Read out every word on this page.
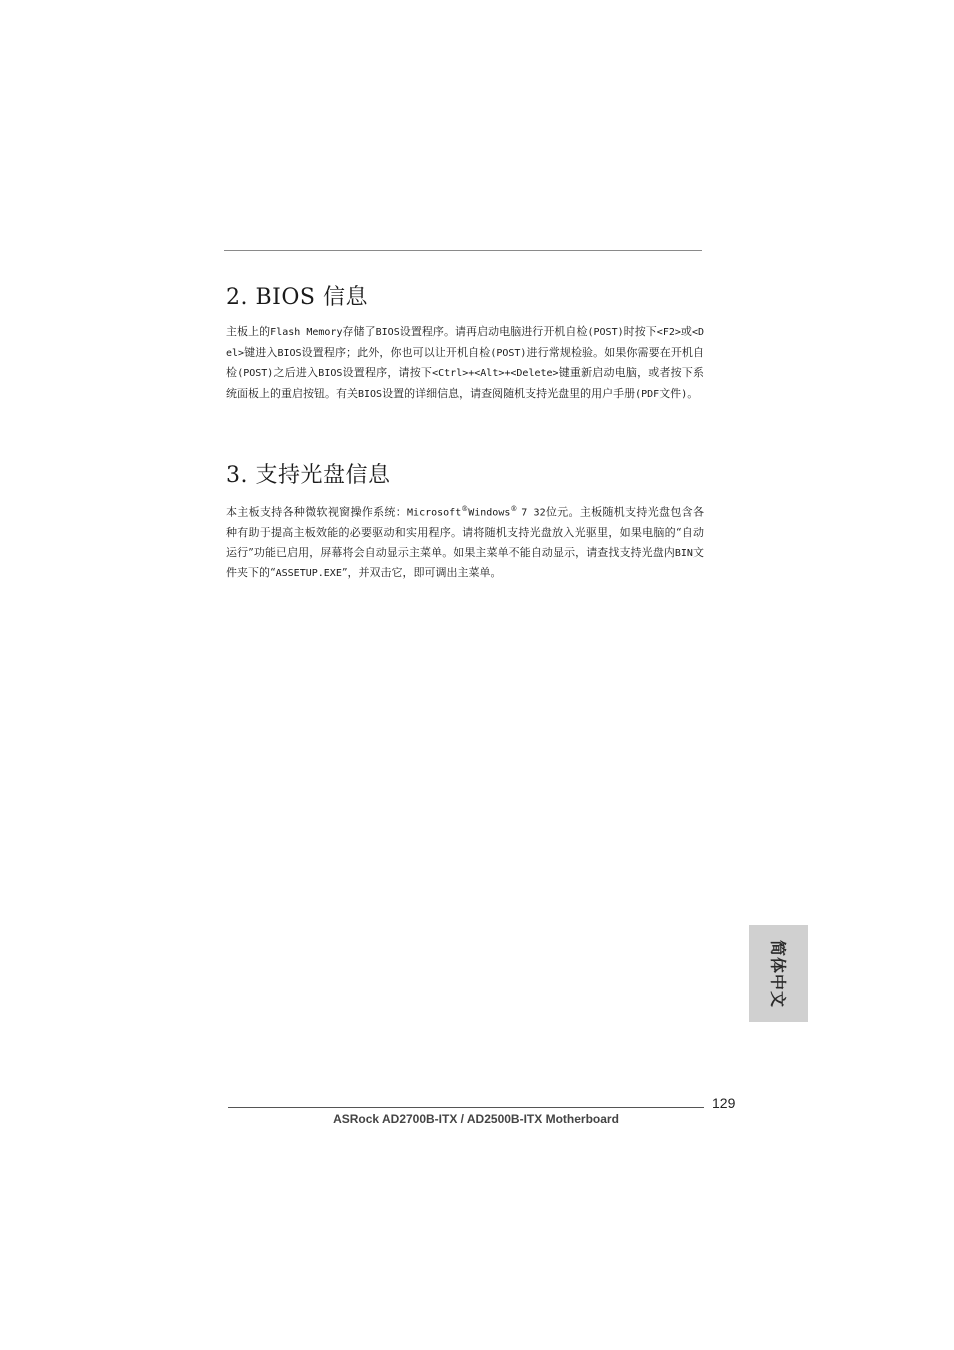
2. BIOS 信息

主板上的Flash Memory存储了BIOS设置程序。请再启动电脑进行开机自检(POST)时按下<F2>或<Del>键进入BIOS设置程序；此外，你也可以让开机自检(POST)进行常规检验。如果你需要在开机自检(POST)之后进入BIOS设置程序，请按下<Ctrl>+<Alt>+<Delete>键重新启动电脑，或者按下系统面板上的重启按钮。有关BIOS设置的详细信息，请查阅随机支持光盘里的用户手册(PDF文件)。

3. 支持光盘信息

本主板支持各种微软视窗操作系统：Microsoft®Windows® 7 32位元。主板随机支持光盘包含各种有助于提高主板效能的必要驱动和实用程序。请将随机支持光盘放入光驱里，如果电脑的“自动运行”功能已启用，屏幕将会自动显示主菜单。如果主菜单不能自动显示，请查找支持光盘内BIN文件夹下的“ASSETUP.EXE”，并双击它，即可调出主菜单。

简体中文
129
ASRock AD2700B-ITX / AD2500B-ITX Motherboard
